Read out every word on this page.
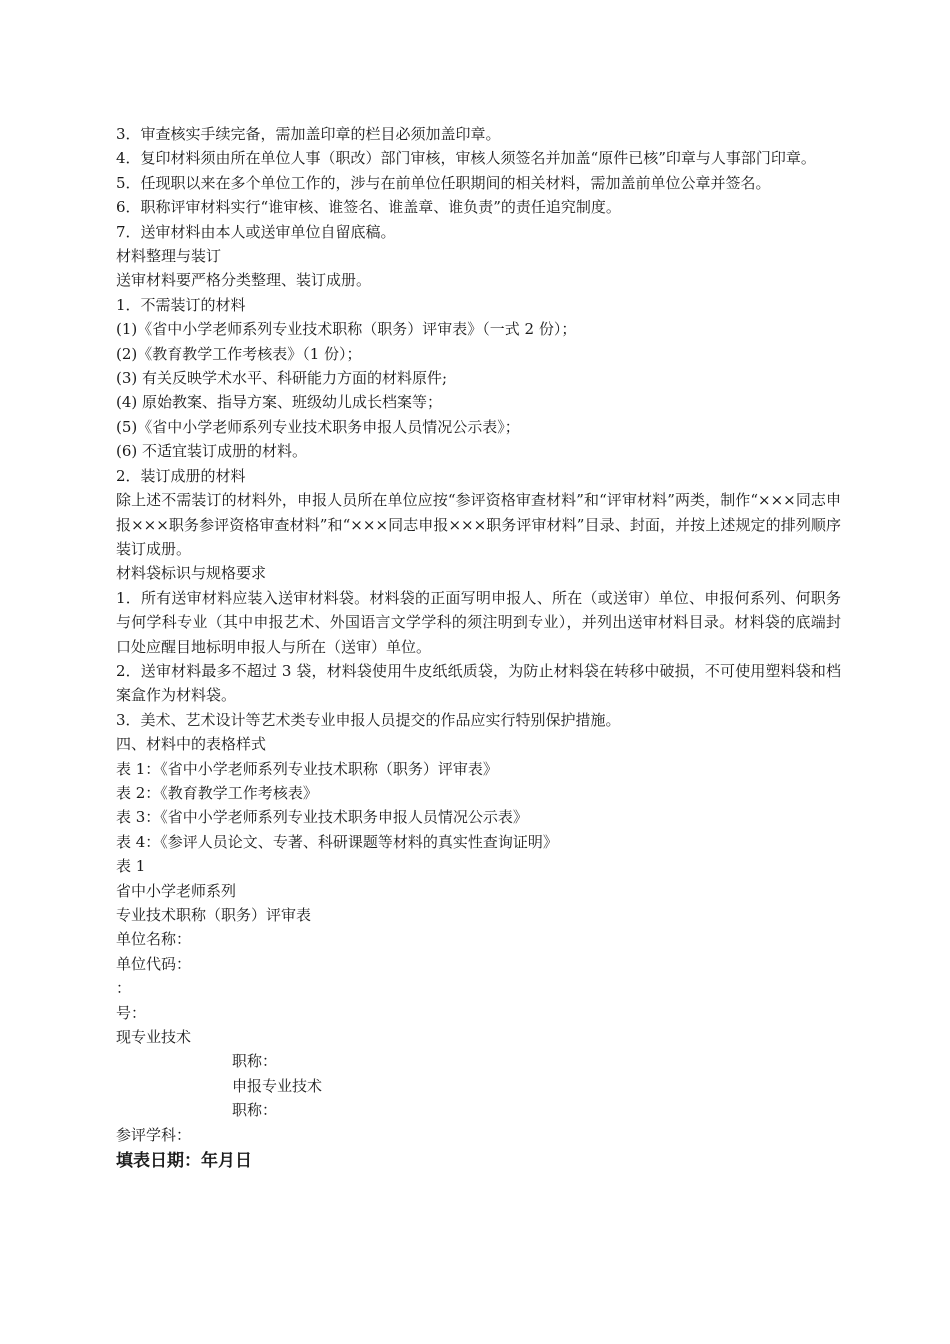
3．审查核实手续完备，需加盖印章的栏目必须加盖印章。

4．复印材料须由所在单位人事（职改）部门审核，审核人须签名并加盖“原件已核”印章与人事部门印章。

5．任现职以来在多个单位工作的，涉与在前单位任职期间的相关材料，需加盖前单位公章并签名。

6．职称评审材料实行“谁审核、谁签名、谁盖章、谁负责”的责任追究制度。

7．送审材料由本人或送审单位自留底稿。

材料整理与装订

送审材料要严格分类整理、装订成册。

1．不需装订的材料

(1)《省中小学老师系列专业技术职称（职务）评审表》（一式 2 份）；

(2)《教育教学工作考核表》（1 份）；

(3) 有关反映学术水平、科研能力方面的材料原件;

(4) 原始教案、指导方案、班级幼儿成长档案等；

(5)《省中小学老师系列专业技术职务申报人员情况公示表》；

(6) 不适宜装订成册的材料。

2．装订成册的材料

除上述不需装订的材料外，申报人员所在单位应按“参评资格审查材料”和“评审材料”两类，制作“×××同志申报×××职务参评资格审查材料”和“×××同志申报×××职务评审材料”目录、封面，并按上述规定的排列顺序装订成册。

材料袋标识与规格要求

1．所有送审材料应装入送审材料袋。材料袋的正面写明申报人、所在（或送审）单位、申报何系列、何职务与何学科专业（其中申报艺术、外国语言文学学科的须注明到专业），并列出送审材料目录。材料袋的底端封口处应醒目地标明申报人与所在（送审）单位。

2．送审材料最多不超过 3 袋，材料袋使用牛皮纸纸质袋，为防止材料袋在转移中破损，不可使用塑料袋和档案盒作为材料袋。

3．美术、艺术设计等艺术类专业申报人员提交的作品应实行特别保护措施。

四、材料中的表格样式

表 1：《省中小学老师系列专业技术职称（职务）评审表》

表 2：《教育教学工作考核表》

表 3：《省中小学老师系列专业技术职务申报人员情况公示表》

表 4：《参评人员论文、专著、科研课题等材料的真实性查询证明》

表 1

省中小学老师系列

专业技术职称（职务）评审表

单位名称：

单位代码：

：

号：

现专业技术

职称：

申报专业技术

职称：

参评学科：

填表日期：年月日
